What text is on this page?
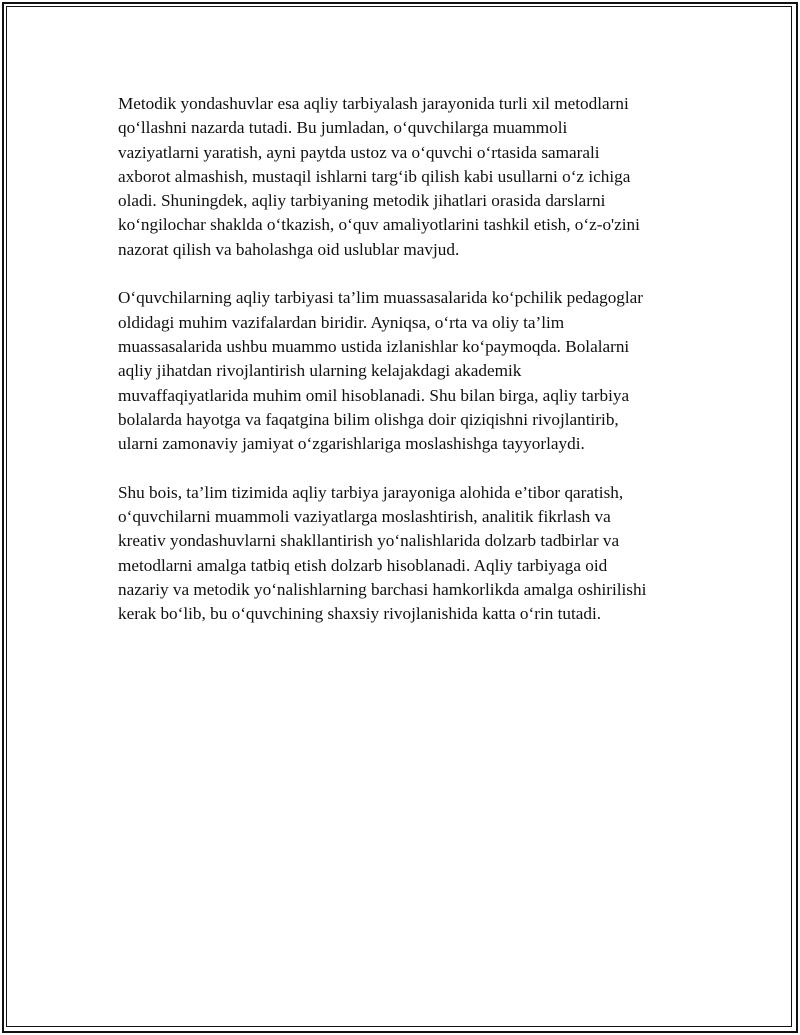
Metodik yondashuvlar esa aqliy tarbiyalash jarayonida turli xil metodlarni
qo‘llashni nazarda tutadi. Bu jumladan, o‘quvchilarga muammoli
vaziyatlarni yaratish, ayni paytda ustoz va o‘quvchi o‘rtasida samarali
axborot almashish, mustaqil ishlarni targ‘ib qilish kabi usullarni o‘z ichiga
oladi. Shuningdek, aqliy tarbiyaning metodik jihatlari orasida darslarni
ko‘ngilochar shaklda o‘tkazish, o‘quv amaliyotlarini tashkil etish, o‘z-o'zini
nazorat qilish va baholashga oid uslublar mavjud.

O‘quvchilarning aqliy tarbiyasi ta’lim muassasalarida ko‘pchilik pedagoglar
oldidagi muhim vazifalardan biridir. Ayniqsa, o‘rta va oliy ta’lim
muassasalarida ushbu muammo ustida izlanishlar ko‘paymoqda. Bolalarni
aqliy jihatdan rivojlantirish ularning kelajakdagi akademik
muvaffaqiyatlarida muhim omil hisoblanadi. Shu bilan birga, aqliy tarbiya
bolalarda hayotga va faqatgina bilim olishga doir qiziqishni rivojlantirib,
ularni zamonaviy jamiyat o‘zgarishlariga moslashishga tayyorlaydi.

Shu bois, ta’lim tizimida aqliy tarbiya jarayoniga alohida e’tibor qaratish,
o‘quvchilarni muammoli vaziyatlarga moslashtirish, analitik fikrlash va
kreativ yondashuvlarni shakllantirish yo‘nalishlarida dolzarb tadbirlar va
metodlarni amalga tatbiq etish dolzarb hisoblanadi. Aqliy tarbiyaga oid
nazariy va metodik yo‘nalishlarning barchasi hamkorlikda amalga oshirilishi
kerak bo‘lib, bu o‘quvchining shaxsiy rivojlanishida katta o‘rin tutadi.
